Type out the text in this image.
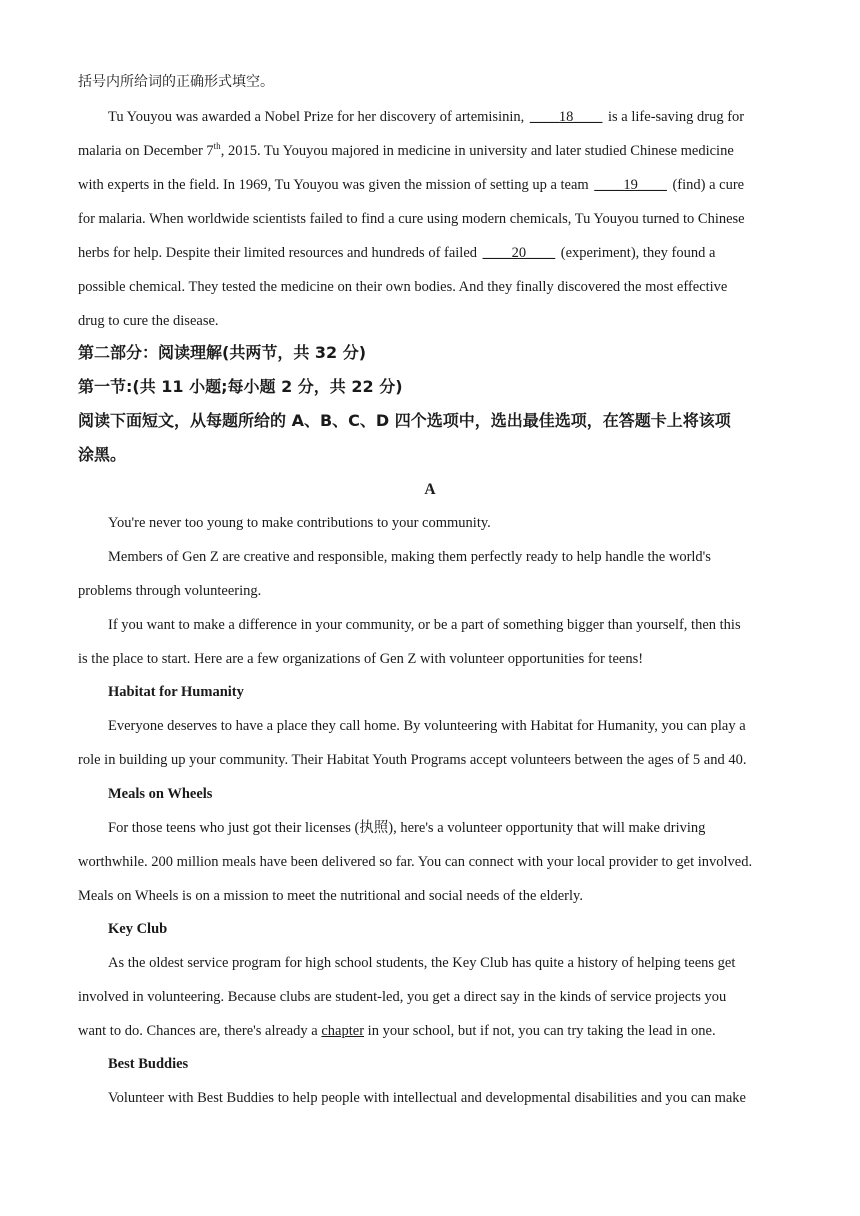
括号内所给词的正确形式填空。
Tu Youyou was awarded a Nobel Prize for her discovery of artemisinin, ____18____ is a life-saving drug for
malaria on December 7th, 2015. Tu Youyou majored in medicine in university and later studied Chinese medicine
with experts in the field. In 1969, Tu Youyou was given the mission of setting up a team ____19____ (find) a cure
for malaria. When worldwide scientists failed to find a cure using modern chemicals, Tu Youyou turned to Chinese
herbs for help. Despite their limited resources and hundreds of failed ____20____ (experiment), they found a
possible chemical. They tested the medicine on their own bodies. And they finally discovered the most effective
drug to cure the disease.
第二部分：阅读理解(共两节，共 32 分)
第一节:(共 11 小题;每小题 2 分，共 22 分)
阅读下面短文，从每题所给的 A、B、C、D 四个选项中，选出最佳选项，在答题卡上将该项
涂黑。
A
You're never too young to make contributions to your community.
Members of Gen Z are creative and responsible, making them perfectly ready to help handle the world's
problems through volunteering.
If you want to make a difference in your community, or be a part of something bigger than yourself, then this
is the place to start. Here are a few organizations of Gen Z with volunteer opportunities for teens!
Habitat for Humanity
Everyone deserves to have a place they call home. By volunteering with Habitat for Humanity, you can play a
role in building up your community. Their Habitat Youth Programs accept volunteers between the ages of 5 and 40.
Meals on Wheels
For those teens who just got their licenses (执照), here's a volunteer opportunity that will make driving
worthwhile. 200 million meals have been delivered so far. You can connect with your local provider to get involved.
Meals on Wheels is on a mission to meet the nutritional and social needs of the elderly.
Key Club
As the oldest service program for high school students, the Key Club has quite a history of helping teens get
involved in volunteering. Because clubs are student-led, you get a direct say in the kinds of service projects you
want to do. Chances are, there's already a chapter in your school, but if not, you can try taking the lead in one.
Best Buddies
Volunteer with Best Buddies to help people with intellectual and developmental disabilities and you can make
